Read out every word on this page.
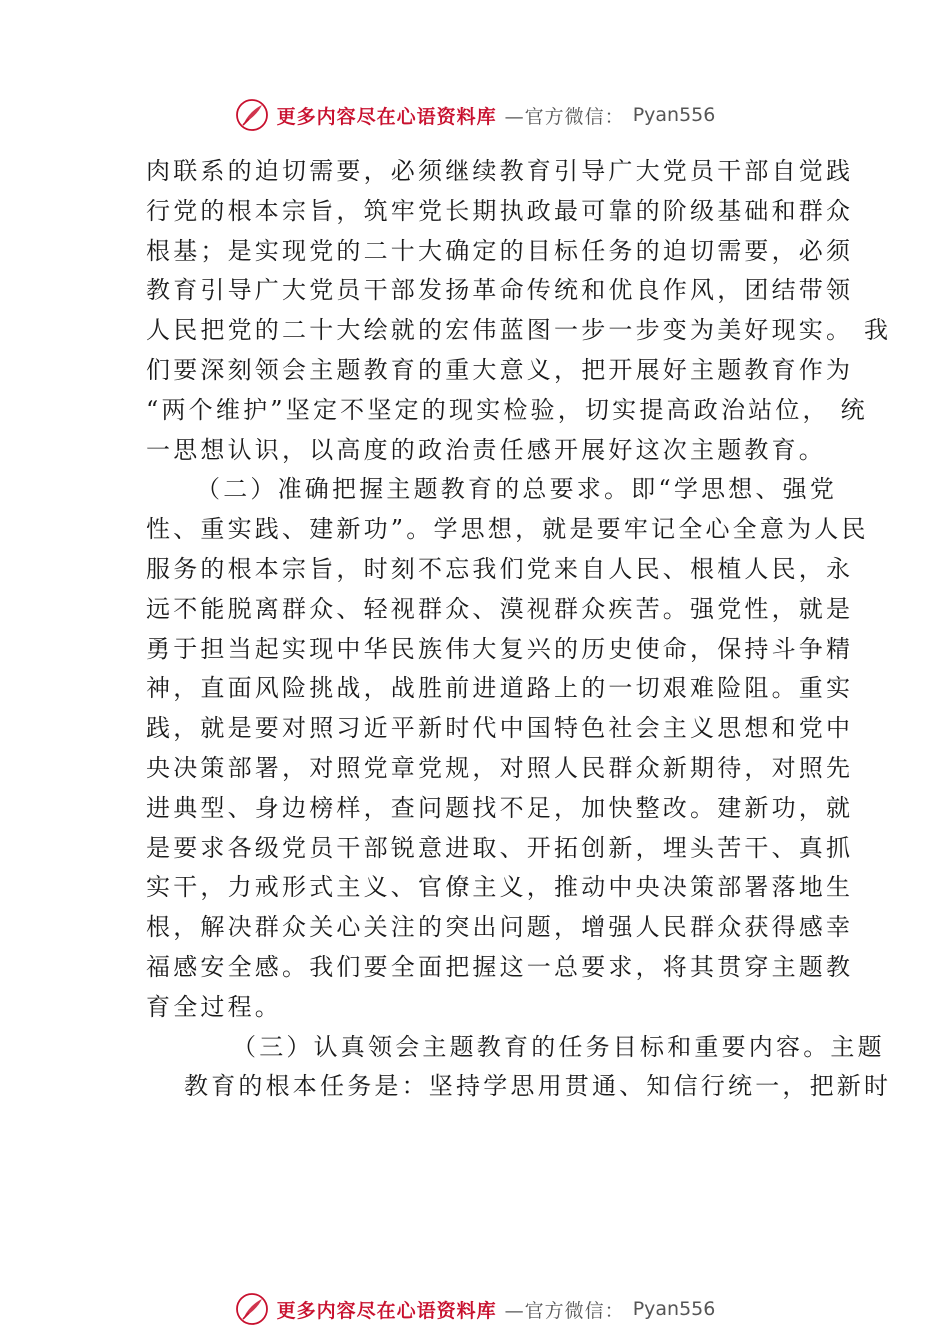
更多内容尽在心语资料库 —官方微信： Pyan556
肉联系的迫切需要，必须继续教育引导广大党员干部自觉践
行党的根本宗旨，筑牢党长期执政最可靠的阶级基础和群众
根基；是实现党的二十大确定的目标任务的迫切需要，必须
教育引导广大党员干部发扬革命传统和优良作风，团结带领
人民把党的二十大绘就的宏伟蓝图一步一步变为美好现实。 我
们要深刻领会主题教育的重大意义，把开展好主题教育作为
“两个维护”坚定不坚定的现实检验，切实提高政治站位， 统
一思想认识，以高度的政治责任感开展好这次主题教育。
（二）准确把握主题教育的总要求。即“学思想、强党
性、重实践、建新功”。学思想，就是要牢记全心全意为人民
服务的根本宗旨，时刻不忘我们党来自人民、根植人民，永
远不能脱离群众、轻视群众、漠视群众疾苦。强党性，就是
勇于担当起实现中华民族伟大复兴的历史使命，保持斗争精
神，直面风险挑战，战胜前进道路上的一切艰难险阻。重实
践，就是要对照习近平新时代中国特色社会主义思想和党中
央决策部署，对照党章党规，对照人民群众新期待，对照先
进典型、身边榜样，查问题找不足，加快整改。建新功，就
是要求各级党员干部锐意进取、开拓创新，埋头苦干、真抓
实干，力戒形式主义、官僚主义，推动中央决策部署落地生
根，解决群众关心关注的突出问题，增强人民群众获得感幸
福感安全感。我们要全面把握这一总要求，将其贯穿主题教
育全过程。
（三）认真领会主题教育的任务目标和重要内容。主题
教育的根本任务是：坚持学思用贯通、知信行统一，把新时
更多内容尽在心语资料库 —官方微信： Pyan556
